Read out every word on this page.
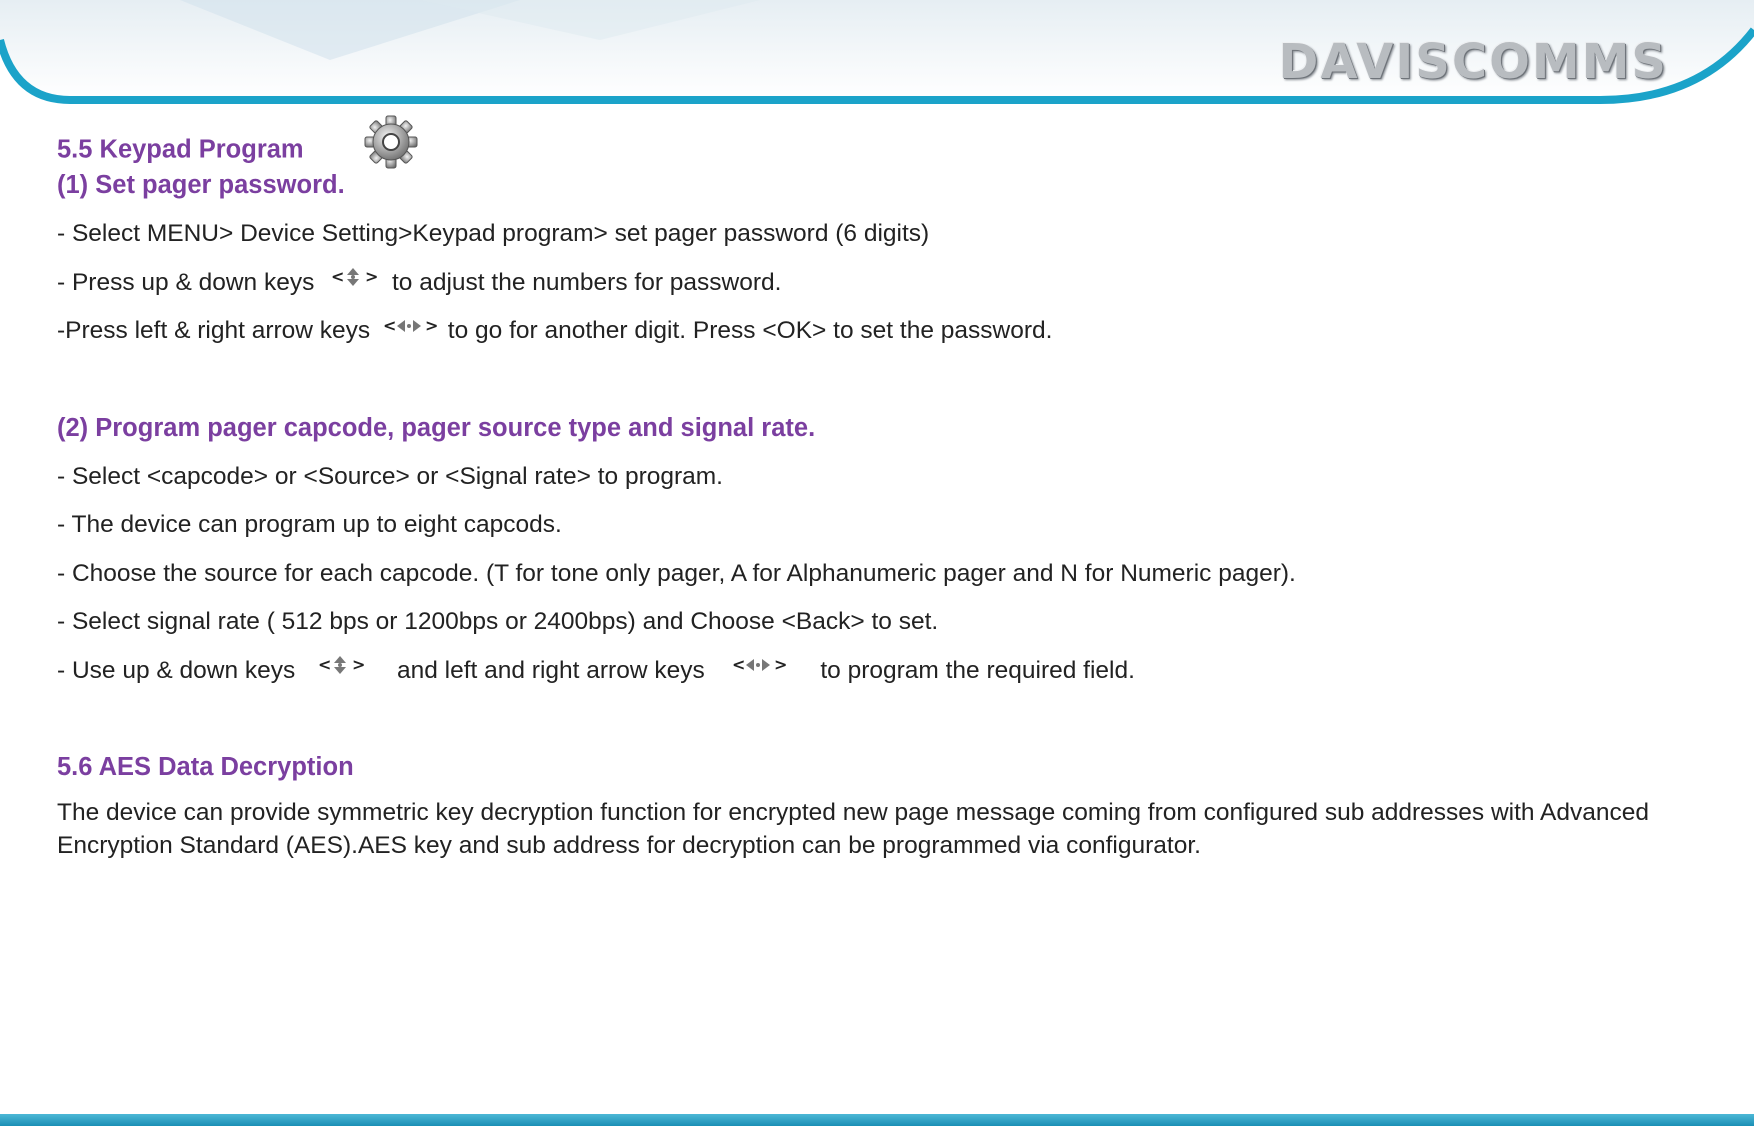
DAVISCOMMS
5.5 Keypad Program
(1) Set pager password.
- Select MENU> Device Setting>Keypad program> set pager password (6 digits)
- Press up & down keys < > to adjust the numbers for password.
-Press left & right arrow keys < > to go for another digit. Press <OK> to set the password.
(2) Program pager capcode, pager source type and signal rate.
- Select <capcode> or <Source> or <Signal rate> to program.
- The device can program up to eight capcods.
- Choose the source for each capcode. (T for tone only pager, A for Alphanumeric pager and N for Numeric pager).
- Select signal rate ( 512 bps or 1200bps or 2400bps) and Choose <Back> to set.
- Use up & down keys < > and left and right arrow keys < > to program the required field.
5.6 AES Data Decryption
The device can provide symmetric key decryption function for encrypted new page message coming from configured sub addresses with Advanced Encryption Standard (AES).AES key and sub address for decryption can be programmed via configurator.
